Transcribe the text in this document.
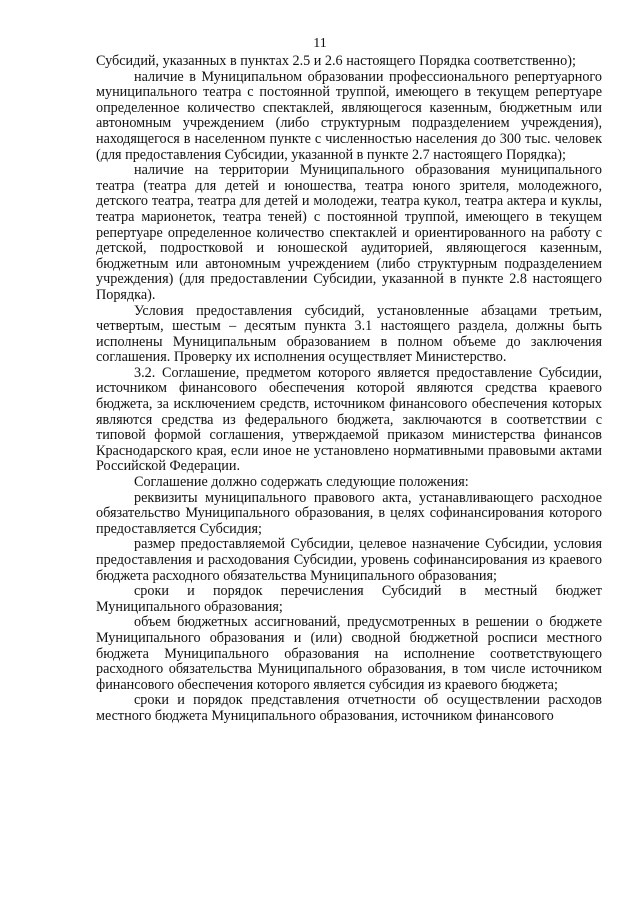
11

Субсидий, указанных в пунктах 2.5 и 2.6 настоящего Порядка соответственно);

наличие в Муниципальном образовании профессионального репертуарного муниципального театра с постоянной труппой, имеющего в текущем репертуаре определенное количество спектаклей, являющегося казенным, бюджетным или автономным учреждением (либо структурным подразделением учреждения), находящегося в населенном пункте с численностью населения до 300 тыс. человек (для предоставления Субсидии, указанной в пункте 2.7 настоящего Порядка);

наличие на территории Муниципального образования муниципального театра (театра для детей и юношества, театра юного зрителя, молодежного, детского театра, театра для детей и молодежи, театра кукол, театра актера и куклы, театра марионеток, театра теней) с постоянной труппой, имеющего в текущем репертуаре определенное количество спектаклей и ориентированного на работу с детской, подростковой и юношеской аудиторией, являющегося казенным, бюджетным или автономным учреждением (либо структурным подразделением учреждения) (для предоставлении Субсидии, указанной в пункте 2.8 настоящего Порядка).

Условия предоставления субсидий, установленные абзацами третьим, четвертым, шестым – десятым пункта 3.1 настоящего раздела, должны быть исполнены Муниципальным образованием в полном объеме до заключения соглашения. Проверку их исполнения осуществляет Министерство.

3.2. Соглашение, предметом которого является предоставление Субсидии, источником финансового обеспечения которой являются средства краевого бюджета, за исключением средств, источником финансового обеспечения которых являются средства из федерального бюджета, заключаются в соответствии с типовой формой соглашения, утверждаемой приказом министерства финансов Краснодарского края, если иное не установлено нормативными правовыми актами Российской Федерации.

Соглашение должно содержать следующие положения:

реквизиты муниципального правового акта, устанавливающего расходное обязательство Муниципального образования, в целях софинансирования которого предоставляется Субсидия;

размер предоставляемой Субсидии, целевое назначение Субсидии, условия предоставления и расходования Субсидии, уровень софинансирования из краевого бюджета расходного обязательства Муниципального образования;

сроки и порядок перечисления Субсидий в местный бюджет Муниципального образования;

объем бюджетных ассигнований, предусмотренных в решении о бюджете Муниципального образования и (или) сводной бюджетной росписи местного бюджета Муниципального образования на исполнение соответствующего расходного обязательства Муниципального образования, в том числе источником финансового обеспечения которого является субсидия из краевого бюджета;

сроки и порядок представления отчетности об осуществлении расходов местного бюджета Муниципального образования, источником финансового
